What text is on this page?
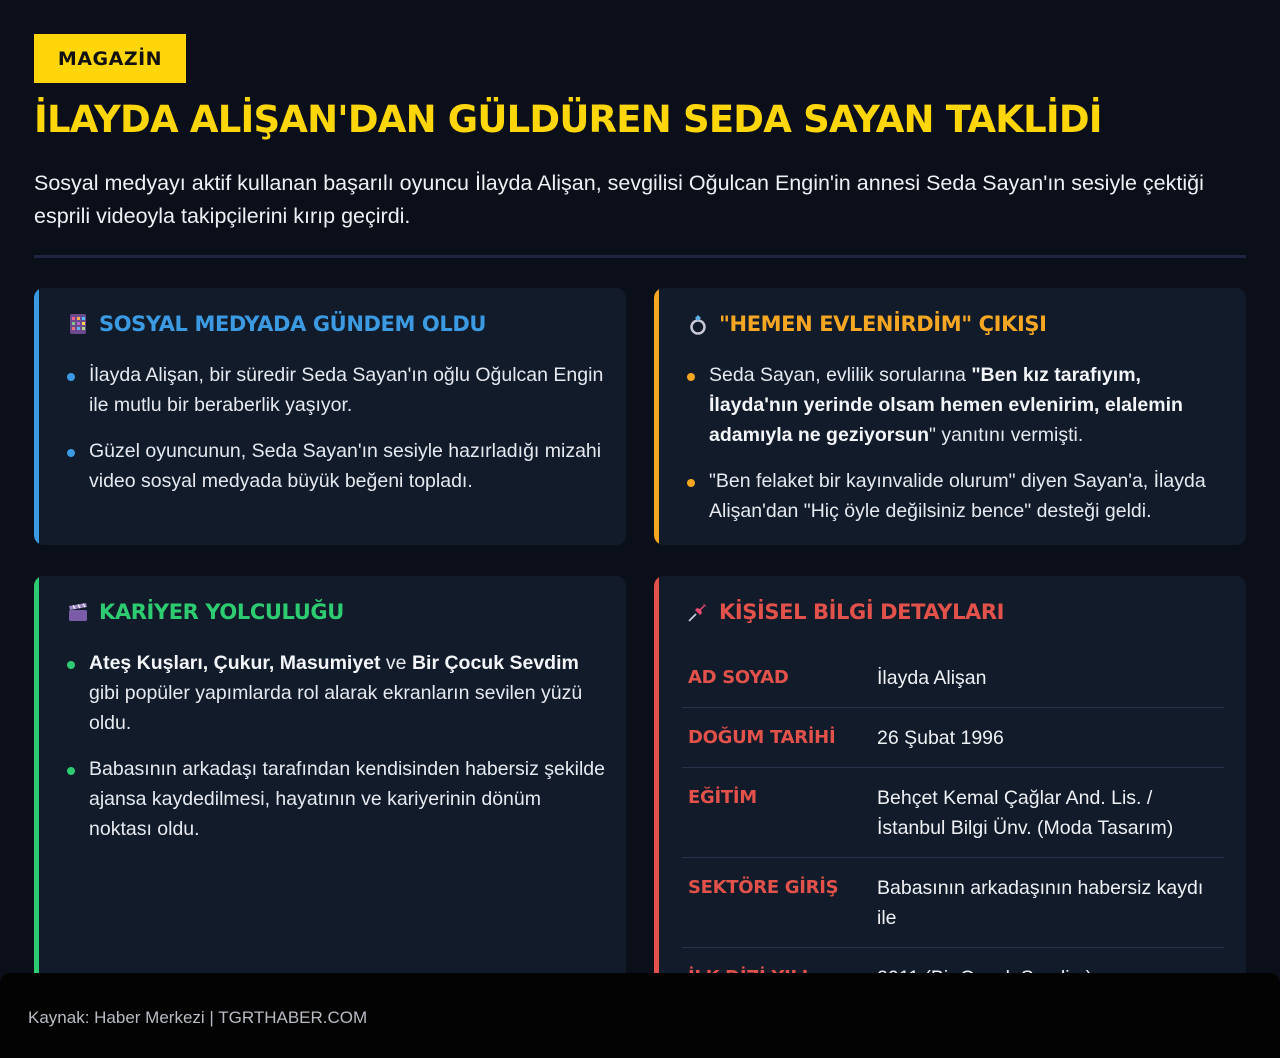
MAGAZİN
İLAYDA ALİŞAN'DAN GÜLDÜREN SEDA SAYAN TAKLİDİ

Sosyal medyayı aktif kullanan başarılı oyuncu İlayda Alişan, sevgilisi Oğulcan Engin'in annesi Seda Sayan'ın sesiyle çektiği esprili videoyla takipçilerini kırıp geçirdi.

SOSYAL MEDYADA GÜNDEM OLDU
İlayda Alişan, bir süredir Seda Sayan'ın oğlu Oğulcan Engin ile mutlu bir beraberlik yaşıyor.
Güzel oyuncunun, Seda Sayan'ın sesiyle hazırladığı mizahi video sosyal medyada büyük beğeni topladı.
"HEMEN EVLENİRDİM" ÇIKIŞI
Seda Sayan, evlilik sorularına "Ben kız tarafıyım, İlayda'nın yerinde olsam hemen evlenirim, elalemin adamıyla ne geziyorsun" yanıtını vermişti.
"Ben felaket bir kayınvalide olurum" diyen Sayan'a, İlayda Alişan'dan "Hiç öyle değilsiniz bence" desteği geldi.
KARİYER YOLCULUĞU
Ateş Kuşları, Çukur, Masumiyet ve Bir Çocuk Sevdim gibi popüler yapımlarda rol alarak ekranların sevilen yüzü oldu.
Babasının arkadaşı tarafından kendisinden habersiz şekilde ajansa kaydedilmesi, hayatının ve kariyerinin dönüm noktası oldu.
KİŞİSEL BİLGİ DETAYLARI
AD SOYAD	İlayda Alişan
DOĞUM TARİHİ	26 Şubat 1996
EĞİTİM	Behçet Kemal Çağlar And. Lis. / İstanbul Bilgi Ünv. (Moda Tasarım)
SEKTÖRE GİRİŞ	Babasının arkadaşının habersiz kaydı ile
Kaynak: Haber Merkezi | TGRTHABER.COM
